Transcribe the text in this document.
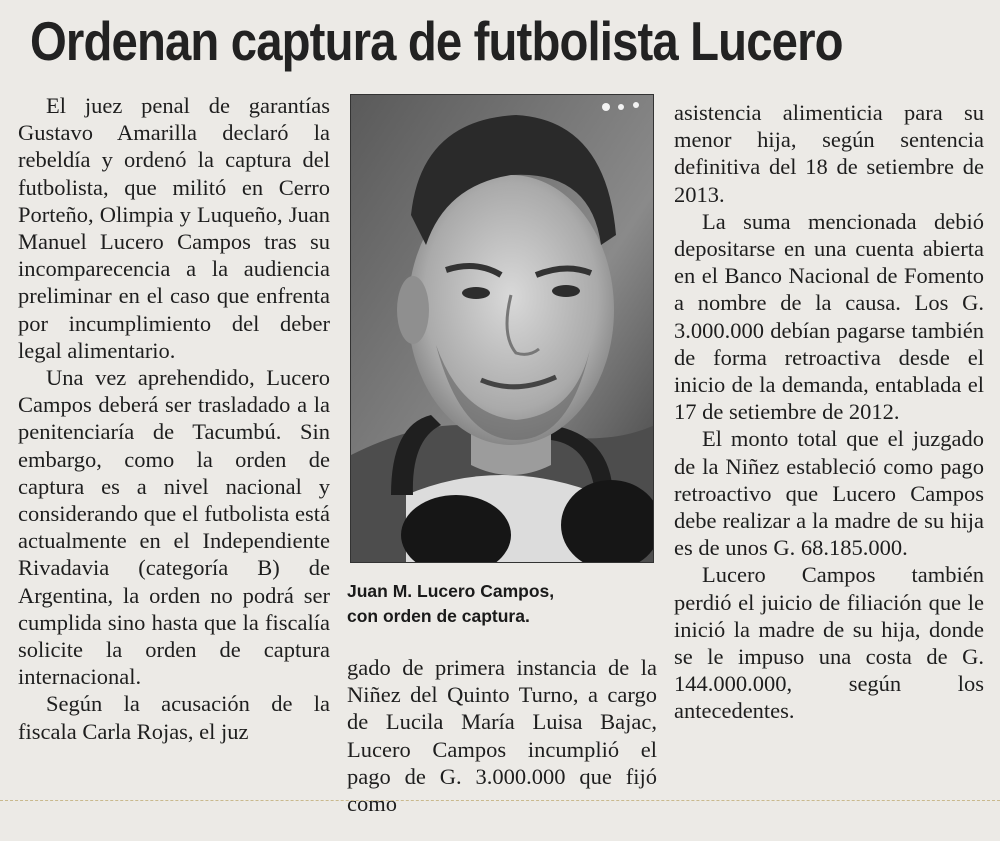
Ordenan captura de futbolista Lucero

El juez penal de garantías Gustavo Amarilla declaró la rebeldía y ordenó la captura del futbolista, que militó en Cerro Porteño, Olimpia y Luqueño, Juan Manuel Lucero Campos tras su incomparecencia a la audiencia preliminar en el caso que enfrenta por incumplimiento del deber legal alimentario.

Una vez aprehendido, Lucero Campos deberá ser trasladado a la penitenciaría de Tacumbú. Sin embargo, como la orden de captura es a nivel nacional y considerando que el futbolista está actualmente en el Independiente Rivadavia (categoría B) de Argentina, la orden no podrá ser cumplida sino hasta que la fiscalía solicite la orden de captura internacional.

Según la acusación de la fiscala Carla Rojas, el juz

Juan M. Lucero Campos,
con orden de captura.

gado de primera instancia de la Niñez del Quinto Turno, a cargo de Lucila María Luisa Bajac, Lucero Campos incumplió el pago de G. 3.000.000 que fijó como

asistencia alimenticia para su menor hija, según sentencia definitiva del 18 de setiembre de 2013.

La suma mencionada debió depositarse en una cuenta abierta en el Banco Nacional de Fomento a nombre de la causa. Los G. 3.000.000 debían pagarse también de forma retroactiva desde el inicio de la demanda, entablada el 17 de setiembre de 2012.

El monto total que el juzgado de la Niñez estableció como pago retroactivo que Lucero Campos debe realizar a la madre de su hija es de unos G. 68.185.000.

Lucero Campos también perdió el juicio de filiación que le inició la madre de su hija, donde se le impuso una costa de G. 144.000.000, según los antecedentes.
